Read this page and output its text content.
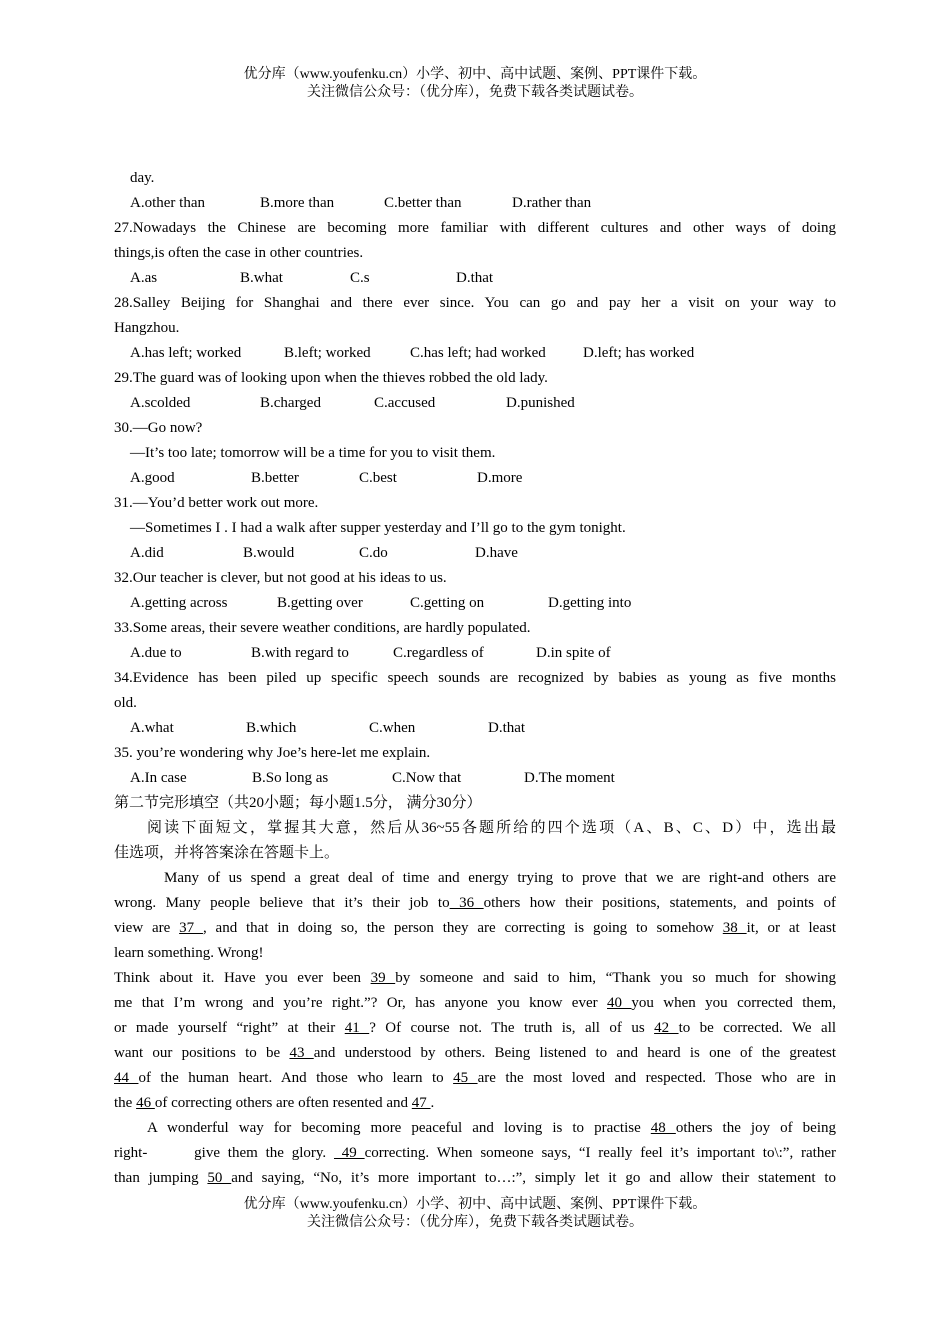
优分库（www.youfenku.cn）小学、初中、高中试题、案例、PPT课件下载。
关注微信公众号：（优分库），免费下载各类试题试卷。
day.
A.other than	B.more than	C.better than	D.rather than
27.Nowadays the Chinese are becoming more familiar with different cultures and other ways of doing
things,is often the case in other countries.
A.as	B.what	C.s	D.that
28.Salley Beijing for Shanghai and there ever since. You can go and pay her a visit on your way to
Hangzhou.
A.has left; worked	B.left; worked	C.has left; had worked	D.left; has worked
29.The guard was of looking upon when the thieves robbed the old lady.
A.scolded	B.charged	C.accused	D.punished
30.—Go now?
—It’s too late; tomorrow will be a time for you to visit them.
A.good	B.better	C.best	D.more
31.—You’d better work out more.
—Sometimes I . I had a walk after supper yesterday and I’ll go to the gym tonight.
A.did	B.would	C.do	D.have
32.Our teacher is clever, but not good at his ideas to us.
A.getting across	B.getting over	C.getting on	D.getting into
33.Some areas, their severe weather conditions, are hardly populated.
A.due to	B.with regard to	C.regardless of	D.in spite of
34.Evidence has been piled up specific speech sounds are recognized by babies as young as five months
old.
A.what	B.which	C.when	D.that
35. you’re wondering why Joe’s here-let me explain.
A.In case	B.So long as	C.Now that	D.The moment
第二节完形填空（共20小题；每小题1.5分， 满分30分）
阅读下面短文，掌握其大意，然后从36~55各题所给的四个选项（A、B、C、D）中，选出最
佳选项，并将答案涂在答题卡上。
Many of us spend a great deal of time and energy trying to prove that we are right-and others are
wrong. Many people believe that it’s their job to 36 others how their positions, statements, and points of
view are 37 , and that in doing so, the person they are correcting is going to somehow 38 it, or at least
learn something. Wrong!
Think about it. Have you ever been 39 by someone and said to him, “Thank you so much for showing
me that I’m wrong and you’re right.”? Or, has anyone you know ever 40 you when you corrected them,
or made yourself “right” at their 41 ? Of course not. The truth is, all of us 42 to be corrected. We all
want our positions to be 43 and understood by others. Being listened to and heard is one of the greatest
44 of the human heart. And those who learn to 45 are the most loved and respected. Those who are in
the 46 of correcting others are often resented and 47 .
A wonderful way for becoming more peaceful and loving is to practise 48 others the joy of being
right-      give them the glory.  49 correcting. When someone says, “I really feel it’s important to\:”, rather
than jumping 50 and saying, “No, it’s more important to…:”, simply let it go and allow their statement to
优分库（www.youfenku.cn）小学、初中、高中试题、案例、PPT课件下载。
关注微信公众号：（优分库），免费下载各类试题试卷。
